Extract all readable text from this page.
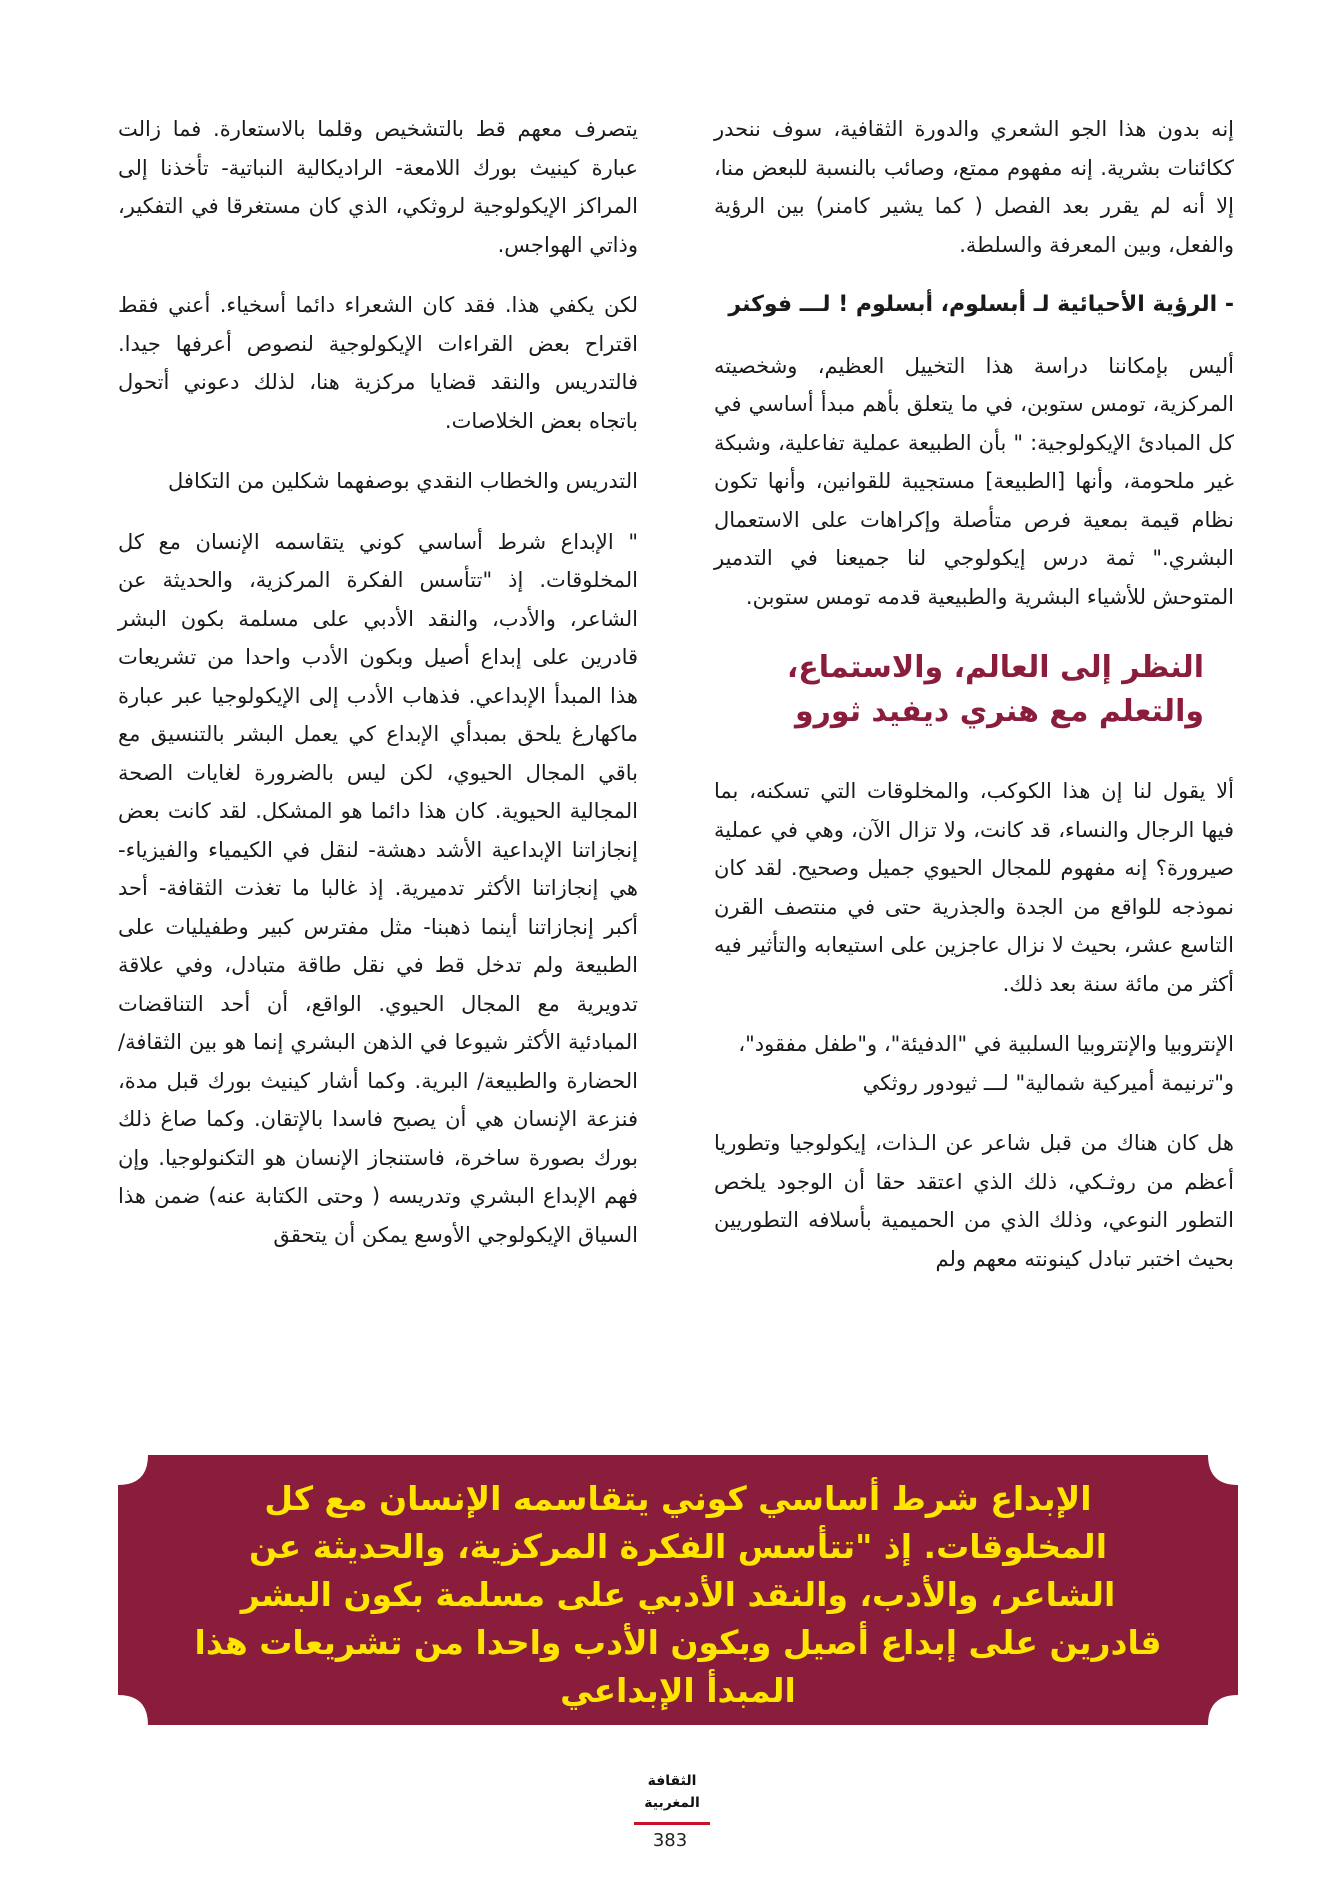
إنه بدون هذا الجو الشعري والدورة الثقافية، سوف ننحدر ككائنات بشرية. إنه مفهوم ممتع، وصائب بالنسبة للبعض منا، إلا أنه لم يقرر بعد الفصل ( كما يشير كامنر) بين الرؤية والفعل، وبين المعرفة والسلطة.

- الرؤية الأحيائية لـ أبسلوم، أبسلوم ! لـــ فوكنر

أليس بإمكاننا دراسة هذا التخييل العظيم، وشخصيته المركزية، تومس ستوبن، في ما يتعلق بأهم مبدأ أساسي في كل المبادئ الإيكولوجية: " بأن الطبيعة عملية تفاعلية، وشبكة غير ملحومة، وأنها [الطبيعة] مستجيبة للقوانين، وأنها تكون نظام قيمة بمعية فرص متأصلة وإكراهات على الاستعمال البشري." ثمة درس إيكولوجي لنا جميعنا في التدمير المتوحش للأشياء البشرية والطبيعية قدمه تومس ستوبن.

النظر إلى العالم، والاستماع، والتعلم مع هنري ديفيد ثورو

ألا يقول لنا إن هذا الكوكب، والمخلوقات التي تسكنه، بما فيها الرجال والنساء، قد كانت، ولا تزال الآن، وهي في عملية صيرورة؟ إنه مفهوم للمجال الحيوي جميل وصحيح. لقد كان نموذجه للواقع من الجدة والجذرية حتى في منتصف القرن التاسع عشر، بحيث لا نزال عاجزين على استيعابه والتأثير فيه أكثر من مائة سنة بعد ذلك.

الإنتروبيا والإنتروبيا السلبية في "الدفيئة"، و"طفل مفقود"، و"ترنيمة أميركية شمالية" لـــ ثيودور روثكي

هل كان هناك من قبل شاعر عن الـذات، إيكولوجيا وتطوريا أعظم من روثـكي، ذلك الذي اعتقد حقا أن الوجود يلخص التطور النوعي، وذلك الذي من الحميمية بأسلافه التطوريين بحيث اختبر تبادل كينونته معهم ولم

يتصرف معهم قط بالتشخيص وقلما بالاستعارة. فما زالت عبارة كينيث بورك اللامعة- الراديكالية النباتية- تأخذنا إلى المراكز الإيكولوجية لروثكي، الذي كان مستغرقا في التفكير، وذاتي الهواجس.

لكن يكفي هذا. فقد كان الشعراء دائما أسخياء. أعني فقط اقتراح بعض القراءات الإيكولوجية لنصوص أعرفها جيدا. فالتدريس والنقد قضايا مركزية هنا، لذلك دعوني أتحول باتجاه بعض الخلاصات.

التدريس والخطاب النقدي بوصفهما شكلين من التكافل

" الإبداع شرط أساسي كوني يتقاسمه الإنسان مع كل المخلوقات. إذ "تتأسس الفكرة المركزية، والحديثة عن الشاعر، والأدب، والنقد الأدبي على مسلمة بكون البشر قادرين على إبداع أصيل وبكون الأدب واحدا من تشريعات هذا المبدأ الإبداعي. فذهاب الأدب إلى الإيكولوجيا عبر عبارة ماكهارغ يلحق بمبدأي الإبداع كي يعمل البشر بالتنسيق مع باقي المجال الحيوي، لكن ليس بالضرورة لغايات الصحة المجالية الحيوية. كان هذا دائما هو المشكل. لقد كانت بعض إنجازاتنا الإبداعية الأشد دهشة- لنقل في الكيمياء والفيزياء- هي إنجازاتنا الأكثر تدميرية. إذ غالبا ما تغذت الثقافة- أحد أكبر إنجازاتنا أينما ذهبنا- مثل مفترس كبير وطفيليات على الطبيعة ولم تدخل قط في نقل طاقة متبادل، وفي علاقة تدويرية مع المجال الحيوي. الواقع، أن أحد التناقضات المبادئية الأكثر شيوعا في الذهن البشري إنما هو بين الثقافة/الحضارة والطبيعة/ البرية. وكما أشار كينيث بورك قبل مدة، فنزعة الإنسان هي أن يصبح فاسدا بالإتقان. وكما صاغ ذلك بورك بصورة ساخرة، فاستنجاز الإنسان هو التكنولوجيا. وإن فهم الإبداع البشري وتدريسه ( وحتى الكتابة عنه) ضمن هذا السياق الإيكولوجي الأوسع يمكن أن يتحقق

الإبداع شرط أساسي كوني يتقاسمه الإنسان مع كل المخلوقات. إذ "تتأسس الفكرة المركزية، والحديثة عن الشاعر، والأدب، والنقد الأدبي على مسلمة بكون البشر قادرين على إبداع أصيل وبكون الأدب واحدا من تشريعات هذا المبدأ الإبداعي
الثقافة
المغربية
383
